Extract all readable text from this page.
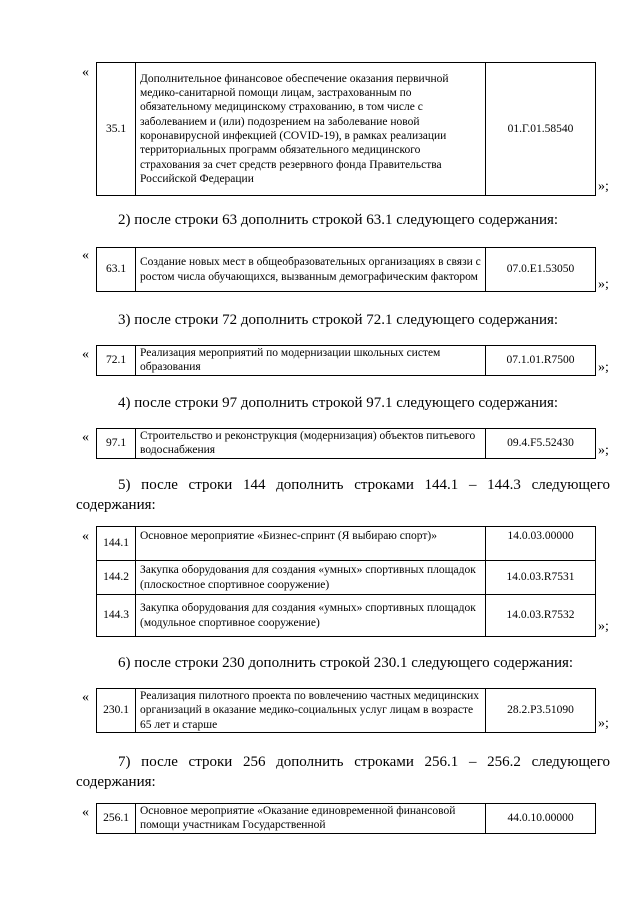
«
35.1	Дополнительное финансовое обеспечение оказания первичной медико-санитарной помощи лицам, застрахованным по обязательному медицинскому страхованию, в том числе с заболеванием и (или) подозрением на заболевание новой коронавирусной инфекцией (COVID-19), в рамках реализации территориальных программ обязательного медицинского страхования за счет средств резервного фонда Правительства Российской Федерации	01.Г.01.58540
»;
2) после строки 63 дополнить строкой 63.1 следующего содержания:
«
63.1	Создание новых мест в общеобразовательных организациях в связи с ростом числа обучающихся, вызванным демографическим фактором	07.0.E1.53050
»;
3) после строки 72 дополнить строкой 72.1 следующего содержания:
« 72.1	Реализация мероприятий по модернизации школьных систем образования	07.1.01.R7500 »;
4) после строки 97 дополнить строкой 97.1 следующего содержания:
« 97.1	Строительство и реконструкция (модернизация) объектов питьевого водоснабжения	09.4.F5.52430 »;
5) после строки 144 дополнить строками 144.1 – 144.3 следующего
содержания:
« 144.1	Основное мероприятие «Бизнес-спринт (Я выбираю спорт)»	14.0.03.00000
144.2	Закупка оборудования для создания «умных» спортивных площадок (плоскостное спортивное сооружение)	14.0.03.R7531
144.3	Закупка оборудования для создания «умных» спортивных площадок (модульное спортивное сооружение)	14.0.03.R7532
»;
6) после строки 230 дополнить строкой 230.1 следующего содержания:
«
230.1	Реализация пилотного проекта по вовлечению частных медицинских организаций в оказание медико-социальных услуг лицам в возрасте 65 лет и старше	28.2.P3.51090
»;
7) после строки 256 дополнить строками 256.1 – 256.2 следующего
содержания:
« 256.1	Основное мероприятие «Оказание единовременной финансовой помощи участникам Государственной	44.0.10.00000
